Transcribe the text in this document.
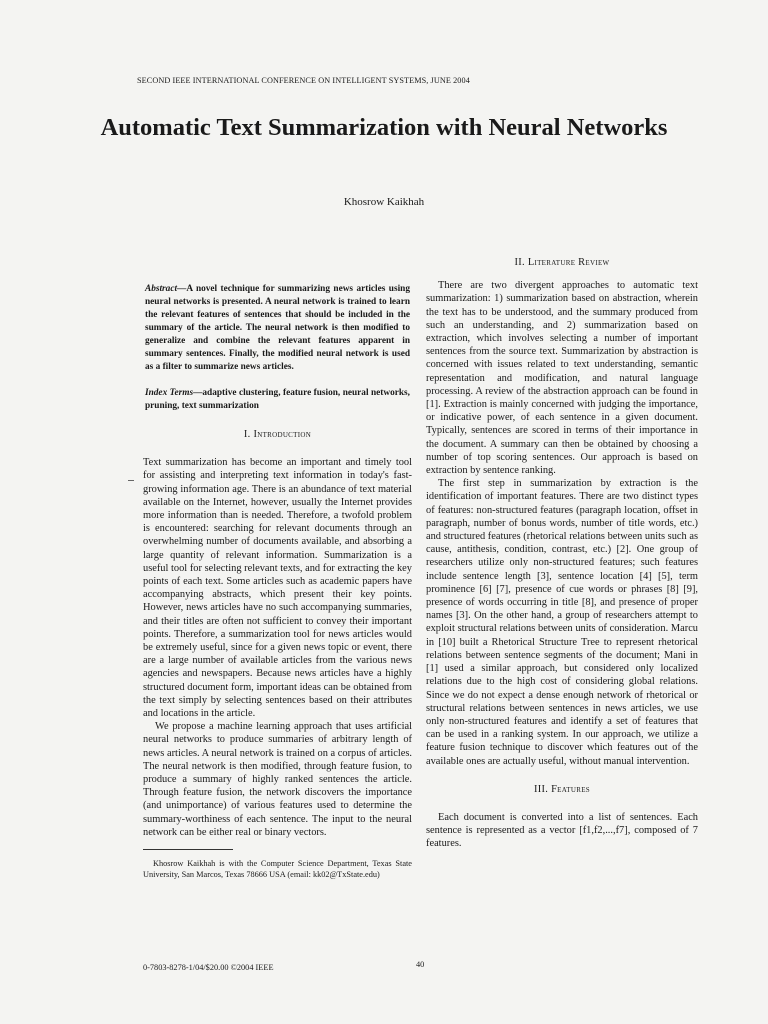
SECOND IEEE INTERNATIONAL CONFERENCE ON INTELLIGENT SYSTEMS, JUNE 2004
Automatic Text Summarization with Neural Networks
Khosrow Kaikhah
Abstract—A novel technique for summarizing news articles using neural networks is presented. A neural network is trained to learn the relevant features of sentences that should be included in the summary of the article. The neural network is then modified to generalize and combine the relevant features apparent in summary sentences. Finally, the modified neural network is used as a filter to summarize news articles.
Index Terms—adaptive clustering, feature fusion, neural networks, pruning, text summarization
I. Introduction

Text summarization has become an important and timely tool for assisting and interpreting text information in today's fast-growing information age. There is an abundance of text material available on the Internet, however, usually the Internet provides more information than is needed. Therefore, a twofold problem is encountered: searching for relevant documents through an overwhelming number of documents available, and absorbing a large quantity of relevant information. Summarization is a useful tool for selecting relevant texts, and for extracting the key points of each text. Some articles such as academic papers have accompanying abstracts, which present their key points. However, news articles have no such accompanying summaries, and their titles are often not sufficient to convey their important points. Therefore, a summarization tool for news articles would be extremely useful, since for a given news topic or event, there are a large number of available articles from the various news agencies and newspapers. Because news articles have a highly structured document form, important ideas can be obtained from the text simply by selecting sentences based on their attributes and locations in the article.

We propose a machine learning approach that uses artificial neural networks to produce summaries of arbitrary length of news articles. A neural network is trained on a corpus of articles. The neural network is then modified, through feature fusion, to produce a summary of highly ranked sentences the article. Through feature fusion, the network discovers the importance (and unimportance) of various features used to determine the summary-worthiness of each sentence. The input to the neural network can be either real or binary vectors.

Khosrow Kaikhah is with the Computer Science Department, Texas State University, San Marcos, Texas 78666 USA (email: kk02@TxState.edu)
II. Literature Review

There are two divergent approaches to automatic text summarization: 1) summarization based on abstraction, wherein the text has to be understood, and the summary produced from such an understanding, and 2) summarization based on extraction, which involves selecting a number of important sentences from the source text. Summarization by abstraction is concerned with issues related to text understanding, semantic representation and modification, and natural language processing. A review of the abstraction approach can be found in [1]. Extraction is mainly concerned with judging the importance, or indicative power, of each sentence in a given document. Typically, sentences are scored in terms of their importance in the document. A summary can then be obtained by choosing a number of top scoring sentences. Our approach is based on extraction by sentence ranking.

The first step in summarization by extraction is the identification of important features. There are two distinct types of features: non-structured features (paragraph location, offset in paragraph, number of bonus words, number of title words, etc.) and structured features (rhetorical relations between units such as cause, antithesis, condition, contrast, etc.) [2]. One group of researchers utilize only non-structured features; such features include sentence length [3], sentence location [4] [5], term prominence [6] [7], presence of cue words or phrases [8] [9], presence of words occurring in title [8], and presence of proper names [3]. On the other hand, a group of researchers attempt to exploit structural relations between units of consideration. Marcu in [10] built a Rhetorical Structure Tree to represent rhetorical relations between sentence segments of the document; Mani in [1] used a similar approach, but considered only localized relations due to the high cost of considering global relations. Since we do not expect a dense enough network of rhetorical or structural relations between sentences in news articles, we use only non-structured features and identify a set of features that can be used in a ranking system. In our approach, we utilize a feature fusion technique to discover which features out of the available ones are actually useful, without manual intervention.

III. Features

Each document is converted into a list of sentences. Each sentence is represented as a vector [f1,f2,...,f7], composed of 7 features.

0-7803-8278-1/04/$20.00 ©2004 IEEE	40
